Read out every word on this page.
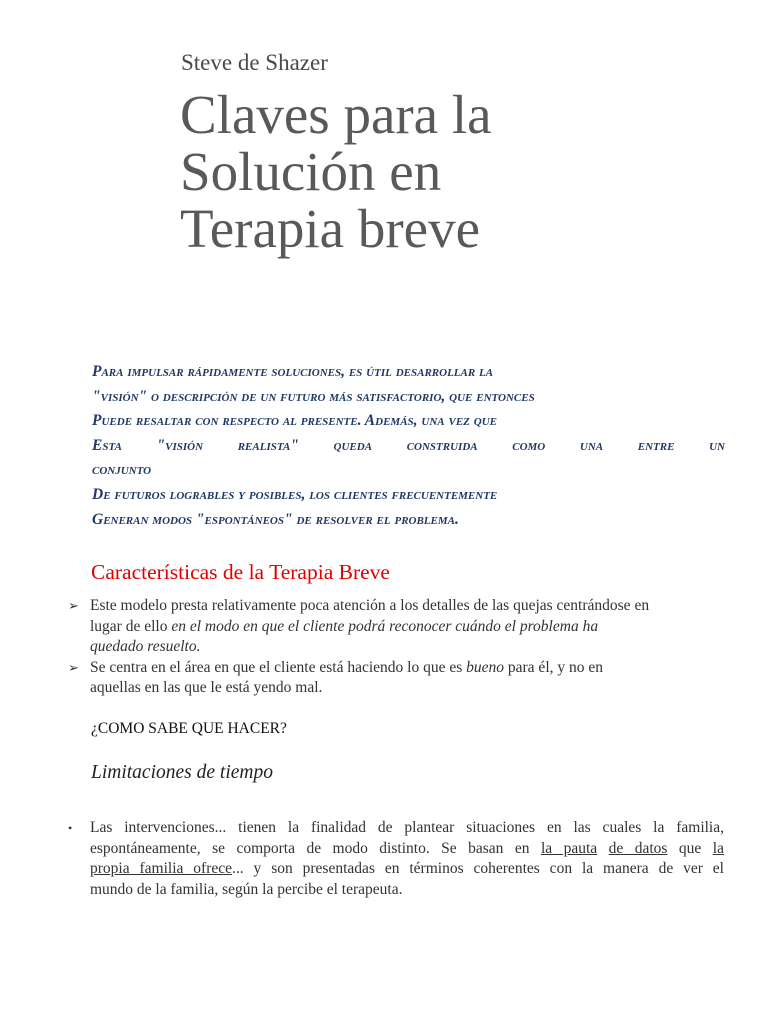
Steve de Shazer

Claves para la
Solución en
Terapia breve

Para impulsar rápidamente soluciones, es útil desarrollar la
"visión" o descripción de un futuro más satisfactorio, que entonces
Puede resaltar con respecto al presente. Además, una vez que
Esta "visión realista" queda construida como una entre un
conjunto
De futuros logrables y posibles, los clientes frecuentemente
Generan modos "espontáneos" de resolver el problema.

Características de la Terapia Breve
➢ Este modelo presta relativamente poca atención a los detalles de las quejas centrándose en
lugar de ello en el modo en que el cliente podrá reconocer cuándo el problema ha
quedado resuelto.
➢ Se centra en el área en que el cliente está haciendo lo que es bueno para él, y no en
aquellas en las que le está yendo mal.

¿COMO SABE QUE HACER?

Limitaciones de tiempo
• Las intervenciones... tienen la finalidad de plantear situaciones en las cuales la familia,
espontáneamente, se comporta de modo distinto. Se basan en la pauta de datos que la
propia familia ofrece... y son presentadas en términos coherentes con la manera de ver el
mundo de la familia, según la percibe el terapeuta.
